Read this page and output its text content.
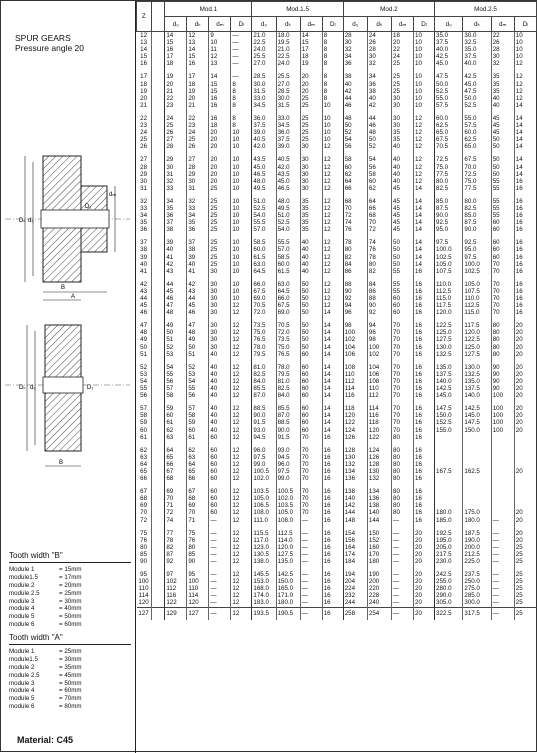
SPUR GEARS
Pressure angle 20
Dₖ d₀
dₘ
B
A
D₁
Dₖ d₀	D₁
B
Tooth width "B"
Module 1	= 15mm
module1.5	= 17mm
module 2	= 20mm
module 2.5	= 25mm
module 3	= 30mm
module 4	= 40mm
module 5	= 50mm
module 6	= 60mm
Tooth width "A"
Module 1	= 25mm
module1.5	= 30mm
module 2	= 35mm
module 2.5	= 45mm
module 3	= 50mm
module 4	= 60mm
module 5	= 70mm
module 6	= 80mm
Material: C45
Z		Mod.1				Mod.1.5				Mod.2				Mod.2.5			
		d₀	dₖ	dₘ	Dₗ	d₀	dₖ	dₘ	Dₗ	d₀	dₖ	dₘ	Dₗ	d₀	dₖ	dₘ	Dₗ
12		14	12	9	—	21.0	18.0	14	8	28	24	18	10	35.0	30.0	22	10
13		15	13	10	—	22.5	19.5	15	8	30	26	20	10	37.5	32.5	26	10
14		16	14	11	—	24.0	21.0	17	8	32	28	22	10	40.0	35.0	28	10
15		17	15	12	—	25.5	22.5	18	8	34	30	24	10	42.5	37.5	30	10
16		18	16	13	—	27.0	24.0	19	8	36	32	25	10	45.0	40.0	32	12

17		19	17	14	—	28.5	25.5	20	8	38	34	25	10	47.5	42.5	35	12
18		20	18	15	8	30.0	27.0	20	8	40	36	25	10	50.0	45.0	35	12
19		21	19	15	8	31.5	28.5	20	8	42	38	25	10	52.5	47.5	35	12
20		22	20	16	8	33.0	30.0	25	8	44	40	30	10	55.0	50.0	40	12
21		23	21	16	8	34.5	31.5	25	10	46	42	30	10	57.5	52.5	40	14

22		24	22	16	8	36.0	33.0	25	10	48	44	30	12	60.0	55.0	45	14
23		25	23	18	8	37.5	34.5	25	10	50	46	30	12	62.5	57.5	45	14
24		26	24	20	10	39.0	36.0	25	10	52	48	35	12	65.0	60.0	45	14
25		27	25	20	10	40.5	37.5	25	10	54	50	35	12	67.5	62.5	50	14
26		28	26	20	10	42.0	39.0	30	12	56	52	40	12	70.5	65.0	50	14

27		29	27	20	10	43.5	40.5	30	12	58	54	40	12	72.5	67.5	50	14
28		30	28	20	10	45.0	42.0	30	12	60	56	40	12	75.0	70.0	50	14
29		31	29	20	10	46.5	43.5	30	12	62	58	40	12	77.5	72.5	50	14
30		32	30	20	10	48.0	45.0	30	12	64	60	40	12	80.0	75.0	55	16
31		33	31	25	10	49.5	46.5	30	12	66	62	45	14	82.5	77.5	55	16

32		34	32	25	10	51.0	48.0	35	12	68	64	45	14	85.0	80.0	55	16
33		35	33	25	10	52.5	49.5	35	12	70	66	45	14	87.5	82.5	55	16
34		36	34	25	10	54.0	51.0	35	12	72	68	45	14	90.0	85.0	55	16
35		37	35	25	10	55.5	52.5	35	12	74	70	45	14	92.5	87.5	60	16
36		38	36	25	10	57.0	54.0	35	12	76	72	45	14	95.0	90.0	60	16

37		39	37	25	10	58.5	55.5	40	12	78	74	50	14	97.5	92.5	60	16
38		40	38	25	10	60.0	57.0	40	12	80	76	50	14	100.0	95.0	60	16
39		41	39	25	10	61.5	58.5	40	12	82	78	50	14	102.5	97.5	60	16
40		42	40	25	10	63.0	60.0	40	12	84	80	50	14	105.0	100.0	70	16
41		43	41	30	10	64.5	61.5	40	12	86	82	55	16	107.5	102.5	70	16

42		44	42	30	10	66.0	63.0	50	12	88	84	55	16	110.0	105.0	70	16
43		45	43	30	10	67.5	64.5	50	12	90	86	55	16	112.5	107.5	70	16
44		46	44	30	10	69.0	66.0	50	12	92	88	60	16	115.0	110.0	70	16
45		47	45	30	12	70.5	67.5	50	12	94	90	60	16	117.5	112.5	70	16
46		48	46	30	12	72.0	69.0	50	14	96	92	60	16	120.0	115.0	70	16

47		49	47	30	12	73.5	70.5	50	14	98	94	70	16	122.5	117.5	80	20
48		50	48	30	12	75.0	72.0	50	14	100	96	70	16	125.0	120.0	80	20
49		51	49	30	12	76.5	73.5	50	14	102	98	70	16	127.5	122.5	80	20
50		52	50	30	12	78.0	75.0	50	14	104	100	70	16	130.0	125.0	80	20
51		53	51	40	12	79.5	76.5	60	14	106	102	70	16	132.5	127.5	80	20

52		54	52	40	12	81.0	78.0	60	14	108	104	70	16	135.0	130.0	90	20
53		55	53	40	12	82.5	79.5	60	14	110	106	70	16	137.5	132.5	90	20
54		56	54	40	12	84.0	81.0	60	14	112	108	70	16	140.0	135.0	90	20
55		57	55	40	12	85.5	82.5	60	14	114	110	70	16	142.5	137.5	90	20
56		58	56	40	12	87.0	84.0	60	14	116	112	70	16	145.0	140.0	100	20

57		59	57	40	12	88.5	85.5	60	14	118	114	70	16	147.5	142.5	100	20
58		60	58	40	12	90.0	87.0	60	14	120	116	70	16	150.0	145.0	100	20
59		61	59	40	12	91.5	88.5	60	14	122	118	70	16	152.5	147.5	100	20
60		62	60	40	12	93.0	90.0	60	14	124	120	70	16	155.0	150.0	100	20
61		63	61	60	12	94.5	91.5	70	16	126	122	80	16				

62		64	62	60	12	96.0	93.0	70	16	128	124	80	16				
63		65	63	60	12	97.5	94.5	70	16	130	126	80	16				
64		66	64	60	12	99.0	96.0	70	16	132	128	80	16				
65		67	65	60	12	100.5	97.5	70	16	134	130	80	16	167.5	162.5		20
66		68	66	60	12	102.0	99.0	70	16	136	132	80	16				

67		69	67	60	12	103.5	100.5	70	16	138	134	80	16				
68		70	68	60	12	105.0	102.0	70	16	140	136	80	16				
69		71	69	60	12	106.5	103.5	70	16	142	138	80	16				
70		72	70	60	12	108.0	105.0	70	16	144	140	80	16	180.0	175.0		20
72		74	71	—	12	111.0	108.0	—	16	148	144	—	16	185.0	180.0	—	20

75		77	75	—	12	115.5	112.5	—	16	154	150	—	20	192.5	187.5	—	20
76		78	76	—	12	117.0	114.0	—	16	156	152	—	20	195.0	190.0	—	20
80		82	80	—	12	123.0	120.0	—	16	164	160	—	20	205.0	200.0	—	25
85		87	85	—	12	130.5	127.5	—	16	174	170	—	20	217.5	212.5	—	25
90		92	90	—	12	138.0	135.0	—	16	184	180	—	20	230.0	225.0	—	25

95		97	95	—	12	145.5	142.5	—	16	194	190	—	20	242.5	237.5	—	25
100		102	100	—	12	153.0	150.0	—	16	204	200	—	20	255.0	250.0	—	25
110		112	110	—	12	168.0	165.0	—	16	224	220	—	20	280.0	275.0	—	25
114		116	114	—	12	174.0	171.0	—	16	232	228	—	20	290.0	285.0	—	25
120		122	120	—	12	183.0	180.0	—	16	244	240	—	20	305.0	300.0	—	25
127		129	127	—	12	193.5	190.5	—	16	258	254	—	20	322.5	317.5	—	25
